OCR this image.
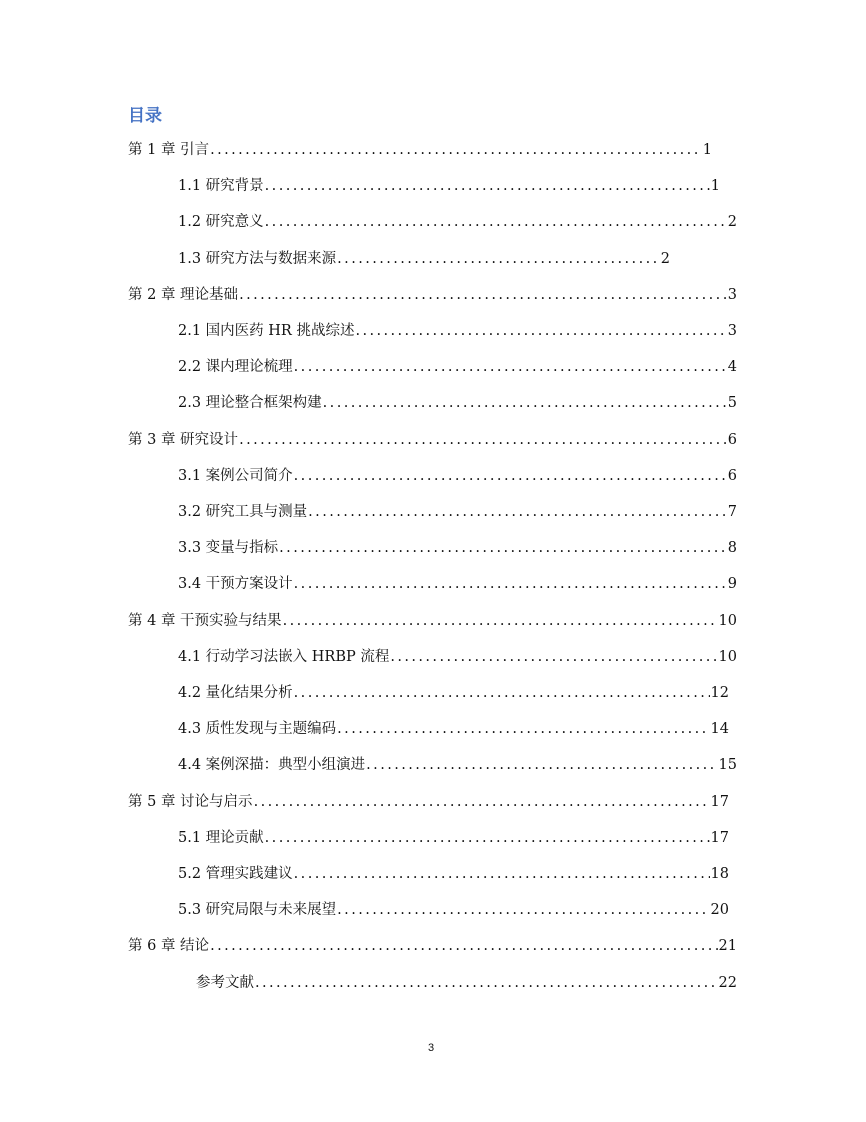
目录
第 1 章 引言 .....	1
1.1 研究背景 .....	1
1.2 研究意义 .....	2
1.3 研究方法与数据来源 .....	2
第 2 章 理论基础 .....	3
2.1 国内医药 HR 挑战综述 .....	3
2.2 课内理论梳理 .....	4
2.3 理论整合框架构建 .....	5
第 3 章 研究设计 .....	6
3.1 案例公司简介 .....	6
3.2 研究工具与测量 .....	7
3.3 变量与指标 .....	8
3.4 干预方案设计 .....	9
第 4 章 干预实验与结果 .....	10
4.1 行动学习法嵌入 HRBP 流程 .....	10
4.2 量化结果分析 .....	12
4.3 质性发现与主题编码 .....	14
4.4 案例深描：典型小组演进 .....	15
第 5 章 讨论与启示 .....	17
5.1 理论贡献 .....	17
5.2 管理实践建议 .....	18
5.3 研究局限与未来展望 .....	20
第 6 章 结论 .....	21
参考文献 .....	22
3
